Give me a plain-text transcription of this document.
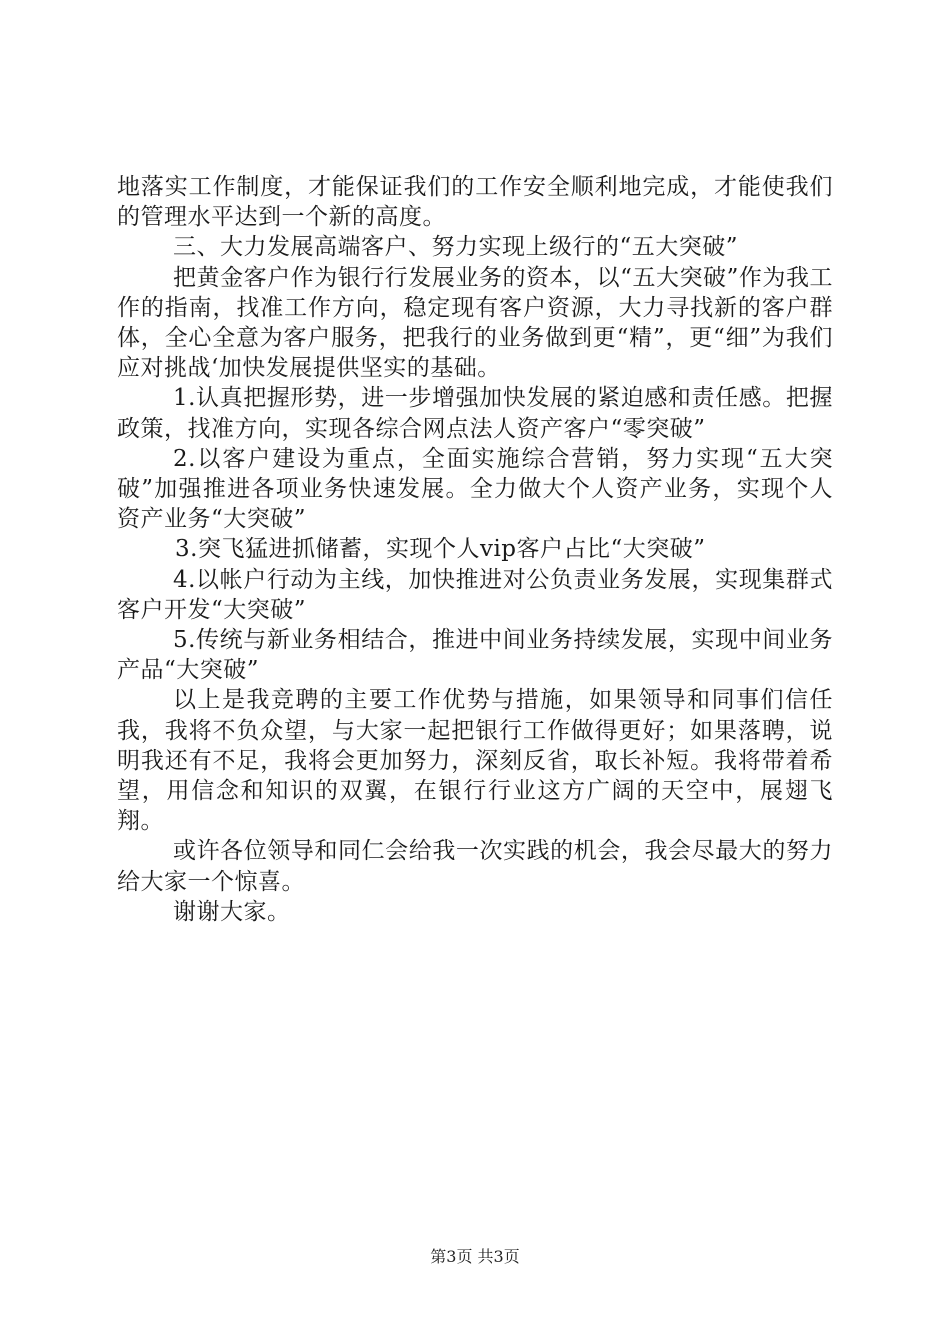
地落实工作制度，才能保证我们的工作安全顺利地完成，才能使我们的管理水平达到一个新的高度。

三、大力发展高端客户、努力实现上级行的“五大突破”

把黄金客户作为银行行发展业务的资本，以“五大突破”作为我工作的指南，找准工作方向，稳定现有客户资源，大力寻找新的客户群体，全心全意为客户服务，把我行的业务做到更“精”，更“细”为我们应对挑战‘加快发展提供坚实的基础。

1.认真把握形势，进一步增强加快发展的紧迫感和责任感。把握政策，找准方向，实现各综合网点法人资产客户“零突破”

2.以客户建设为重点，全面实施综合营销，努力实现“五大突破”加强推进各项业务快速发展。全力做大个人资产业务，实现个人资产业务“大突破”

3.突飞猛进抓储蓄，实现个人vip客户占比“大突破”

4.以帐户行动为主线，加快推进对公负责业务发展，实现集群式客户开发“大突破”

5.传统与新业务相结合，推进中间业务持续发展，实现中间业务产品“大突破”

以上是我竞聘的主要工作优势与措施，如果领导和同事们信任我，我将不负众望，与大家一起把银行工作做得更好；如果落聘，说明我还有不足，我将会更加努力，深刻反省，取长补短。我将带着希望，用信念和知识的双翼，在银行行业这方广阔的天空中，展翅飞翔。

或许各位领导和同仁会给我一次实践的机会，我会尽最大的努力给大家一个惊喜。

谢谢大家。

第3页 共3页
